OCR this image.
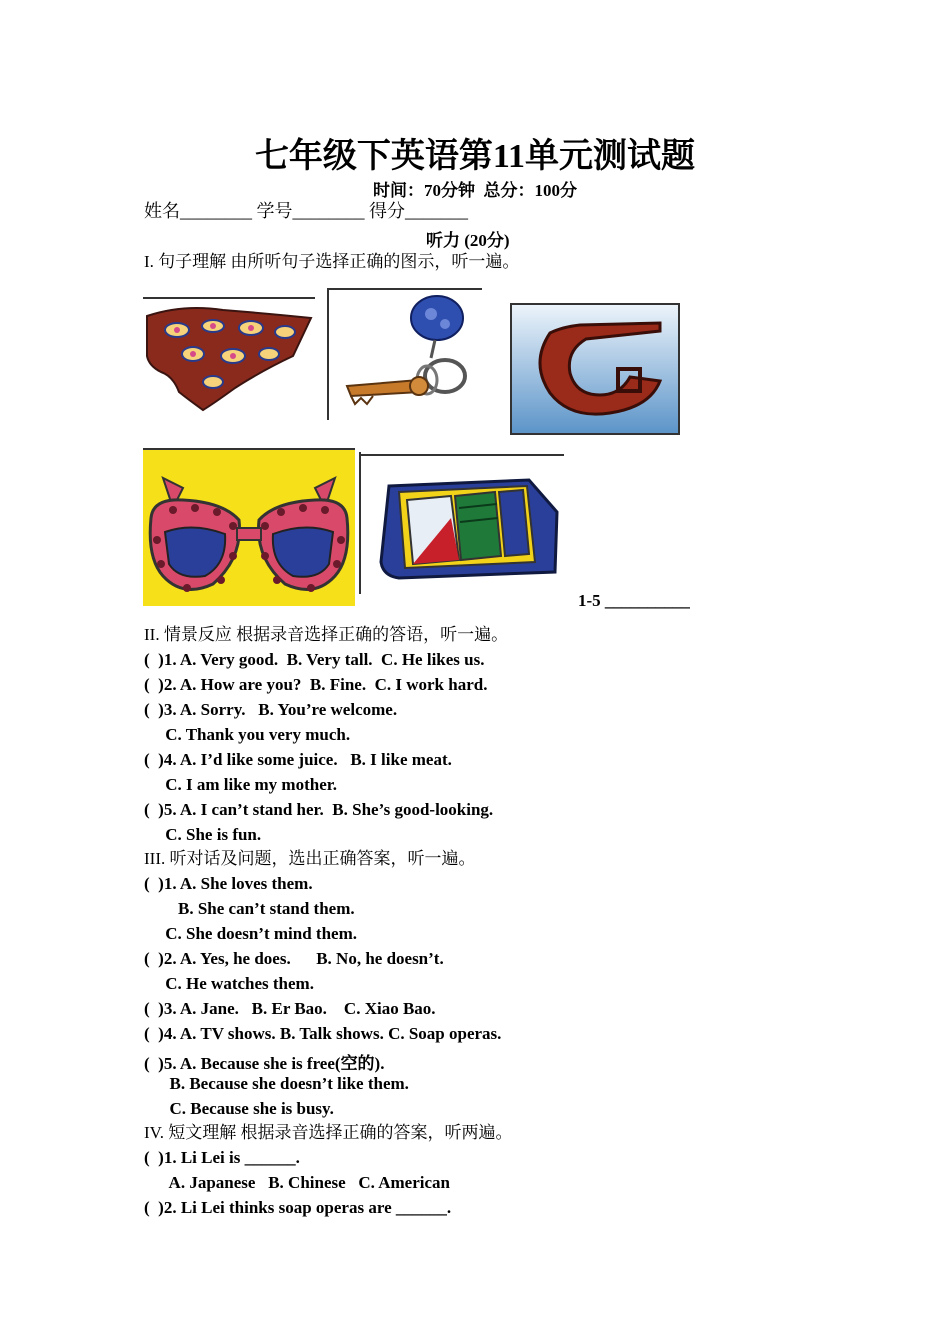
七年级下英语第11单元测试题
时间：70分钟  总分：100分
姓名________ 学号________ 得分_______
听力 (20分)
I. 句子理解 由所听句子选择正确的图示，听一遍。
1-5 __________
II. 情景反应 根据录音选择正确的答语，听一遍。
(  )1. A. Very good.  B. Very tall.  C. He likes us.
(  )2. A. How are you?  B. Fine.  C. I work hard.
(  )3. A. Sorry.   B. You’re welcome.
C. Thank you very much.
(  )4. A. I’d like some juice.   B. I like meat.
C. I am like my mother.
(  )5. A. I can’t stand her.  B. She’s good-looking.
C. She is fun.
III. 听对话及问题，选出正确答案，听一遍。
(  )1. A. She loves them.
B. She can’t stand them.
C. She doesn’t mind them.
(  )2. A. Yes, he does.      B. No, he doesn’t.
C. He watches them.
(  )3. A. Jane.   B. Er Bao.    C. Xiao Bao.
(  )4. A. TV shows. B. Talk shows. C. Soap operas.
(  )5. A. Because she is free(空的).
B. Because she doesn’t like them.
C. Because she is busy.
IV. 短文理解 根据录音选择正确的答案，听两遍。
(  )1. Li Lei is ______.
A. Japanese   B. Chinese   C. American
(  )2. Li Lei thinks soap operas are ______.
